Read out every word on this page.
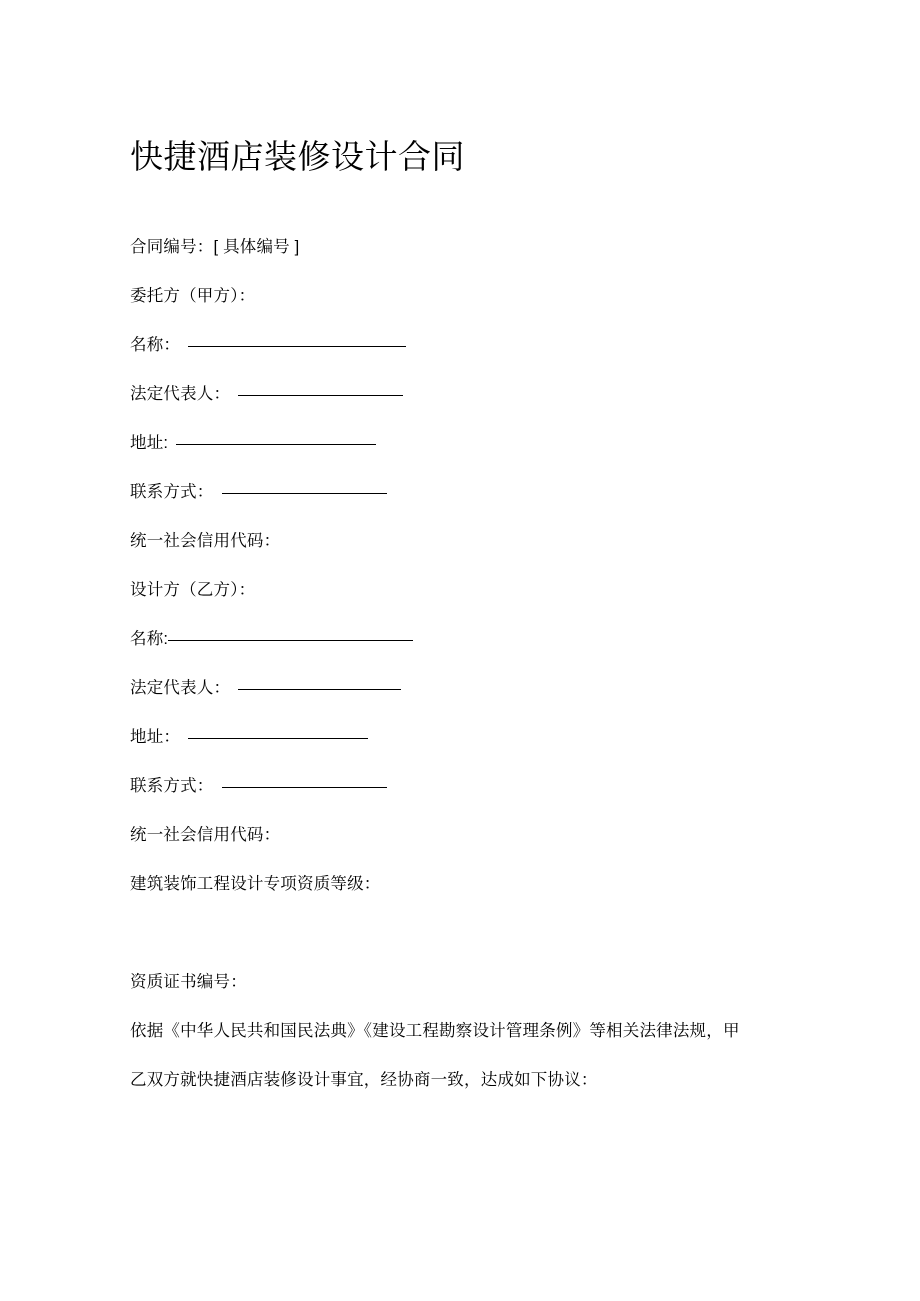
快捷酒店装修设计合同
合同编号：[ 具体编号 ]
委托方（甲方）：
名称：
法定代表人：
地址:
联系方式：
统一社会信用代码：
设计方（乙方）：
名称:
法定代表人：
地址：
联系方式：
统一社会信用代码：
建筑装饰工程设计专项资质等级：
资质证书编号：
依据《中华人民共和国民法典》《建设工程勘察设计管理条例》等相关法律法规，甲
乙双方就快捷酒店装修设计事宜，经协商一致，达成如下协议：
